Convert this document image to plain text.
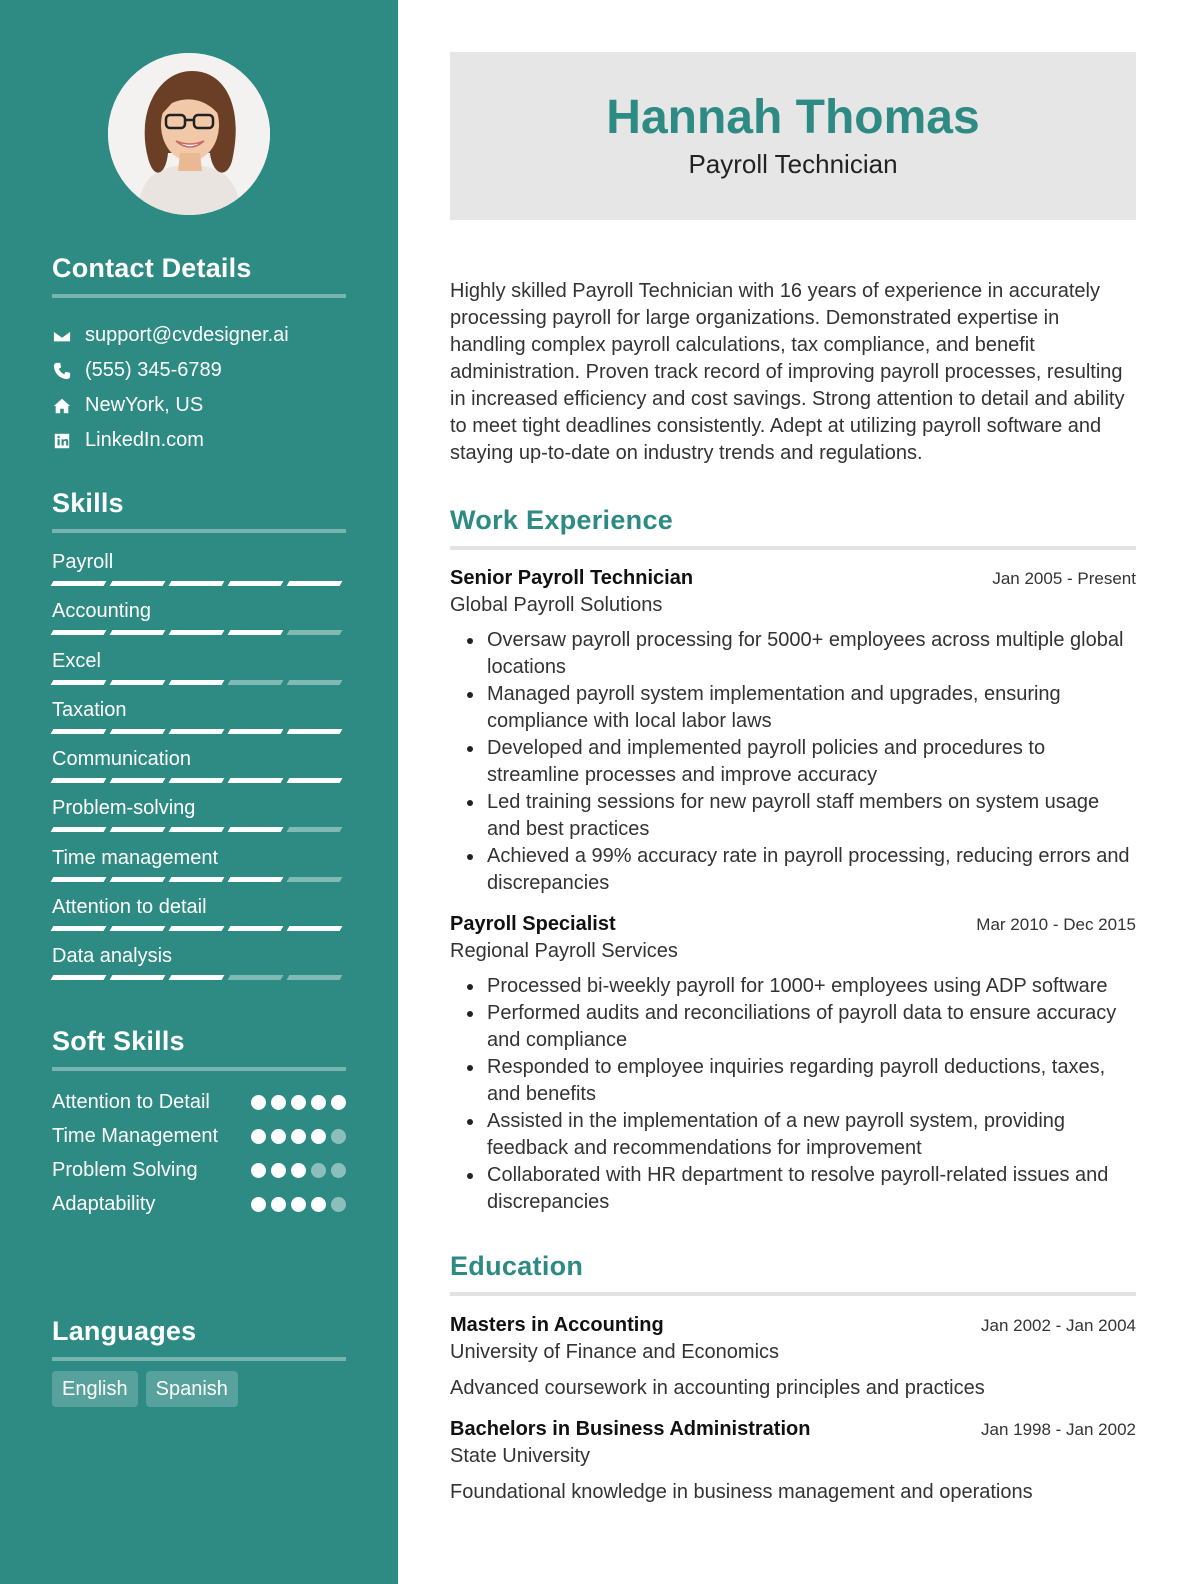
Contact Details
support@cvdesigner.ai
(555) 345-6789
NewYork, US
LinkedIn.com
Skills
Payroll
Accounting
Excel
Taxation
Communication
Problem-solving
Time management
Attention to detail
Data analysis
Soft Skills
Attention to Detail
Time Management
Problem Solving
Adaptability
Languages
English	Spanish
Hannah Thomas
Payroll Technician

Highly skilled Payroll Technician with 16 years of experience in accurately processing payroll for large organizations. Demonstrated expertise in handling complex payroll calculations, tax compliance, and benefit administration. Proven track record of improving payroll processes, resulting in increased efficiency and cost savings. Strong attention to detail and ability to meet tight deadlines consistently. Adept at utilizing payroll software and staying up-to-date on industry trends and regulations.

Work Experience
Senior Payroll Technician	Jan 2005 - Present
Global Payroll Solutions
Oversaw payroll processing for 5000+ employees across multiple global locations
Managed payroll system implementation and upgrades, ensuring compliance with local labor laws
Developed and implemented payroll policies and procedures to streamline processes and improve accuracy
Led training sessions for new payroll staff members on system usage and best practices
Achieved a 99% accuracy rate in payroll processing, reducing errors and discrepancies
Payroll Specialist	Mar 2010 - Dec 2015
Regional Payroll Services
Processed bi-weekly payroll for 1000+ employees using ADP software
Performed audits and reconciliations of payroll data to ensure accuracy and compliance
Responded to employee inquiries regarding payroll deductions, taxes, and benefits
Assisted in the implementation of a new payroll system, providing feedback and recommendations for improvement
Collaborated with HR department to resolve payroll-related issues and discrepancies
Education
Masters in Accounting	Jan 2002 - Jan 2004
University of Finance and Economics
Advanced coursework in accounting principles and practices
Bachelors in Business Administration	Jan 1998 - Jan 2002
State University
Foundational knowledge in business management and operations
